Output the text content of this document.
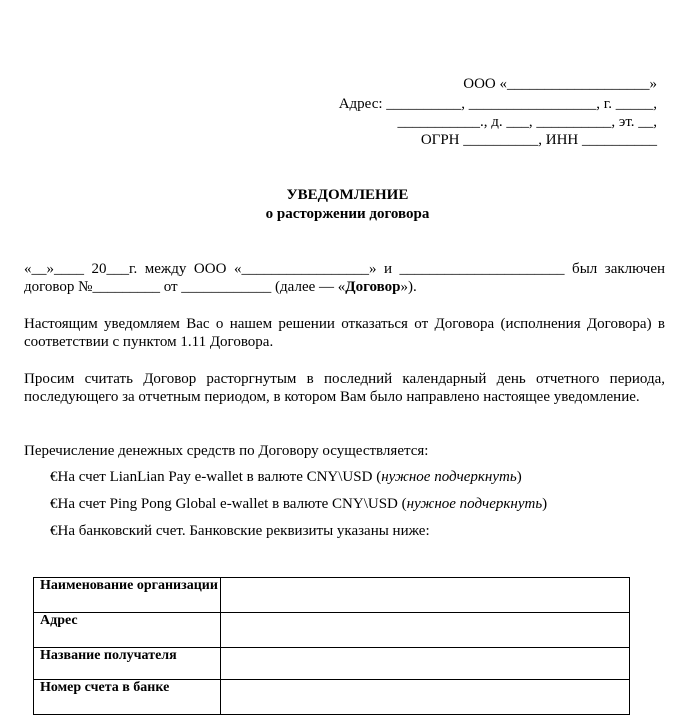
ООО «___________________»
Адрес: __________, _________________, г. _____,
___________., д. ___, __________, эт. __,
ОГРН __________, ИНН __________
УВЕДОМЛЕНИЕ
о расторжении договора
«__»____ 20___г. между ООО «_________________» и ______________________ был заключен
договор №_________ от ____________ (далее — «Договор»).
Настоящим уведомляем Вас о нашем решении отказаться от Договора (исполнения Договора) в соответствии с пунктом 1.11 Договора.
Просим считать Договор расторгнутым в последний календарный день отчетного периода, последующего за отчетным периодом, в котором Вам было направлено настоящее уведомление.
Перечисление денежных средств по Договору осуществляется:
€На счет LianLian Pay e-wallet в валюте CNY\USD (нужное подчеркнуть)
€На счет Ping Pong Global e-wallet в валюте CNY\USD (нужное подчеркнуть)
€На банковский счет. Банковские реквизиты указаны ниже:
Наименование организации	
Адрес	
Название получателя	
Номер счета в банке	
